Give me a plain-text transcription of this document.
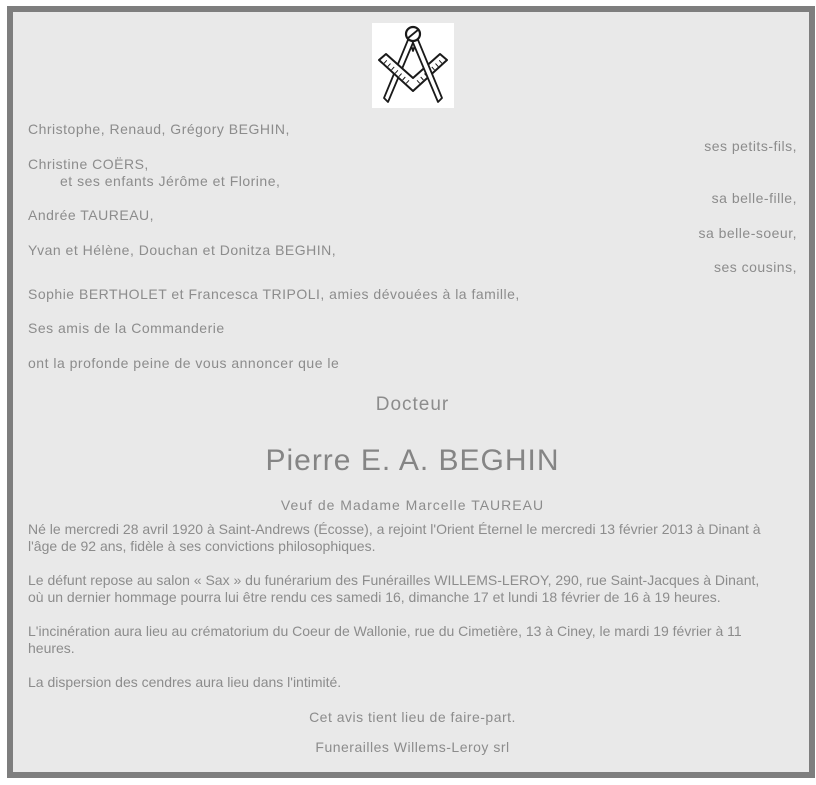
Christophe, Renaud, Grégory BEGHIN,
ses petits-fils,
Christine COËRS,
et ses enfants Jérôme et Florine,
sa belle-fille,
Andrée TAUREAU,
sa belle-soeur,
Yvan et Hélène, Douchan et Donitza BEGHIN,
ses cousins,
Sophie BERTHOLET et Francesca TRIPOLI, amies dévouées à la famille,
Ses amis de la Commanderie
ont la profonde peine de vous annoncer que le
Docteur
Pierre E. A. BEGHIN
Veuf de Madame Marcelle TAUREAU
Né le mercredi 28 avril 1920 à Saint-Andrews (Écosse), a rejoint l'Orient Éternel le mercredi 13 février 2013 à Dinant à
l'âge de 92 ans, fidèle à ses convictions philosophiques.
Le défunt repose au salon « Sax » du funérarium des Funérailles WILLEMS-LEROY, 290, rue Saint-Jacques à Dinant,
où un dernier hommage pourra lui être rendu ces samedi 16, dimanche 17 et lundi 18 février de 16 à 19 heures.
L'incinération aura lieu au crématorium du Coeur de Wallonie, rue du Cimetière, 13 à Ciney, le mardi 19 février à 11
heures.
La dispersion des cendres aura lieu dans l'intimité.
Cet avis tient lieu de faire-part.
Funerailles Willems-Leroy srl
